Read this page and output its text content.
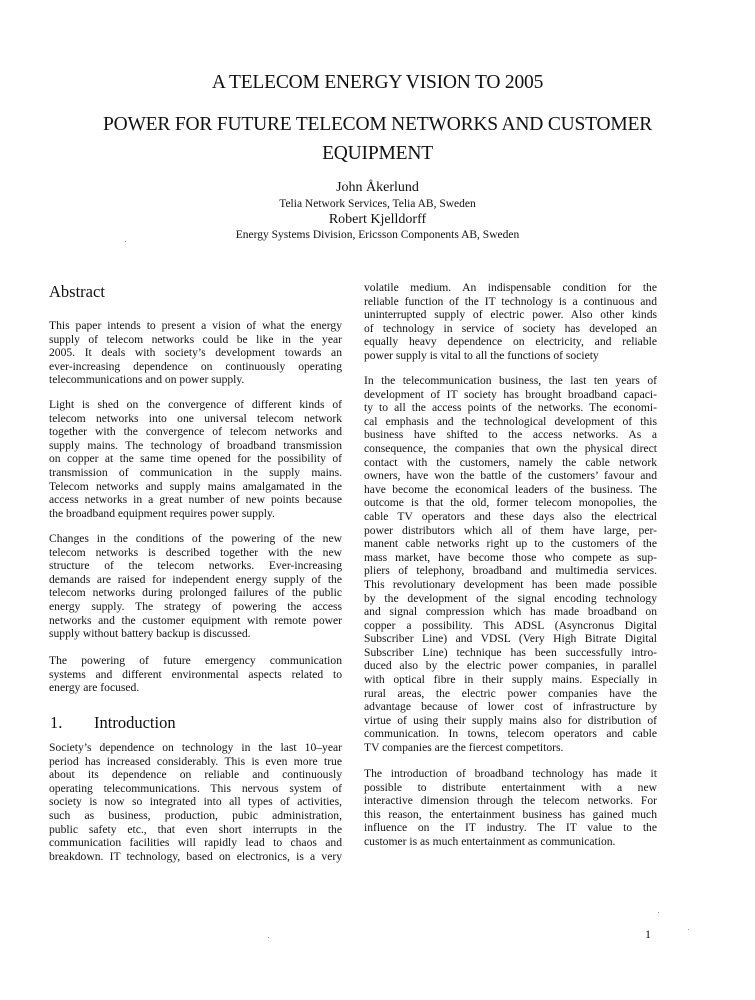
A TELECOM ENERGY VISION TO 2005
POWER FOR FUTURE TELECOM NETWORKS AND CUSTOMER
EQUIPMENT
John Åkerlund
Telia Network Services, Telia AB, Sweden
Robert Kjelldorff
Energy Systems Division, Ericsson Components AB, Sweden
Abstract
This paper intends to present a vision of what the energy
supply of telecom networks could be like in the year
2005. It deals with society’s development towards an
ever-increasing dependence on continuously operating
telecommunications and on power supply.
Light is shed on the convergence of different kinds of
telecom networks into one universal telecom network
together with the convergence of telecom networks and
supply mains. The technology of broadband transmission
on copper at the same time opened for the possibility of
transmission of communication in the supply mains.
Telecom networks and supply mains amalgamated in the
access networks in a great number of new points because
the broadband equipment requires power supply.
Changes in the conditions of the powering of the new
telecom networks is described together with the new
structure of the telecom networks. Ever-increasing
demands are raised for independent energy supply of the
telecom networks during prolonged failures of the public
energy supply. The strategy of powering the access
networks and the customer equipment with remote power
supply without battery backup is discussed.
The powering of future emergency communication
systems and different environmental aspects related to
energy are focused.
1. Introduction
Society’s dependence on technology in the last 10–year
period has increased considerably. This is even more true
about its dependence on reliable and continuously
operating telecommunications. This nervous system of
society is now so integrated into all types of activities,
such as business, production, pubic administration,
public safety etc., that even short interrupts in the
communication facilities will rapidly lead to chaos and
breakdown. IT technology, based on electronics, is a very
volatile medium. An indispensable condition for the
reliable function of the IT technology is a continuous and
uninterrupted supply of electric power. Also other kinds
of technology in service of society has developed an
equally heavy dependence on electricity, and reliable
power supply is vital to all the functions of society
In the telecommunication business, the last ten years of
development of IT society has brought broadband capaci-
ty to all the access points of the networks. The economi-
cal emphasis and the technological development of this
business have shifted to the access networks. As a
consequence, the companies that own the physical direct
contact with the customers, namely the cable network
owners, have won the battle of the customers’ favour and
have become the economical leaders of the business. The
outcome is that the old, former telecom monopolies, the
cable TV operators and these days also the electrical
power distributors which all of them have large, per-
manent cable networks right up to the customers of the
mass market, have become those who compete as sup-
pliers of telephony, broadband and multimedia services.
This revolutionary development has been made possible
by the development of the signal encoding technology
and signal compression which has made broadband on
copper a possibility. This ADSL (Asyncronus Digital
Subscriber Line) and VDSL (Very High Bitrate Digital
Subscriber Line) technique has been successfully intro-
duced also by the electric power companies, in parallel
with optical fibre in their supply mains. Especially in
rural areas, the electric power companies have the
advantage because of lower cost of infrastructure by
virtue of using their supply mains also for distribution of
communication. In towns, telecom operators and cable
TV companies are the fiercest competitors.
The introduction of broadband technology has made it
possible to distribute entertainment with a new
interactive dimension through the telecom networks. For
this reason, the entertainment business has gained much
influence on the IT industry. The IT value to the
customer is as much entertainment as communication.
1
